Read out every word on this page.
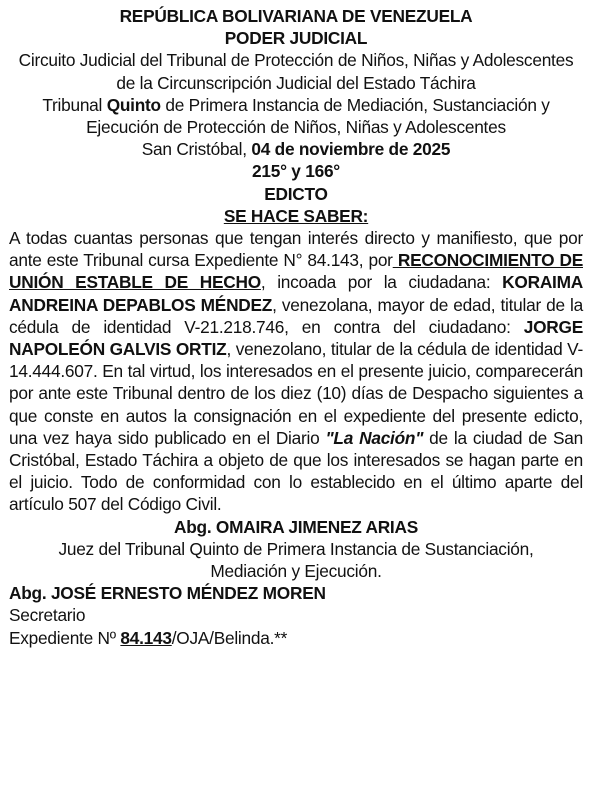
REPÚBLICA BOLIVARIANA DE VENEZUELA
PODER JUDICIAL
Circuito Judicial del Tribunal de Protección de Niños, Niñas y Adolescentes de la Circunscripción Judicial del Estado Táchira
Tribunal Quinto de Primera Instancia de Mediación, Sustanciación y Ejecución de Protección de Niños, Niñas y Adolescentes
San Cristóbal, 04 de noviembre de 2025
215° y 166°
EDICTO
SE HACE SABER:
A todas cuantas personas que tengan interés directo y manifiesto, que por ante este Tribunal cursa Expediente N° 84.143, por RECONOCIMIENTO DE UNIÓN ESTABLE DE HECHO, incoada por la ciudadana: KORAIMA ANDREINA DEPABLOS MÉNDEZ, venezolana, mayor de edad, titular de la cédula de identidad V-21.218.746, en contra del ciudadano: JORGE NAPOLEÓN GALVIS ORTIZ, venezolano, titular de la cédula de identidad V-14.444.607. En tal virtud, los interesados en el presente juicio, comparecerán por ante este Tribunal dentro de los diez (10) días de Despacho siguientes a que conste en autos la consignación en el expediente del presente edicto, una vez haya sido publicado en el Diario "La Nación" de la ciudad de San Cristóbal, Estado Táchira a objeto de que los interesados se hagan parte en el juicio. Todo de conformidad con lo establecido en el último aparte del artículo 507 del Código Civil.
Abg. OMAIRA JIMENEZ ARIAS
Juez del Tribunal Quinto de Primera Instancia de Sustanciación, Mediación y Ejecución.
Abg. JOSÉ ERNESTO MÉNDEZ MOREN
Secretario
Expediente Nº 84.143/OJA/Belinda.**
